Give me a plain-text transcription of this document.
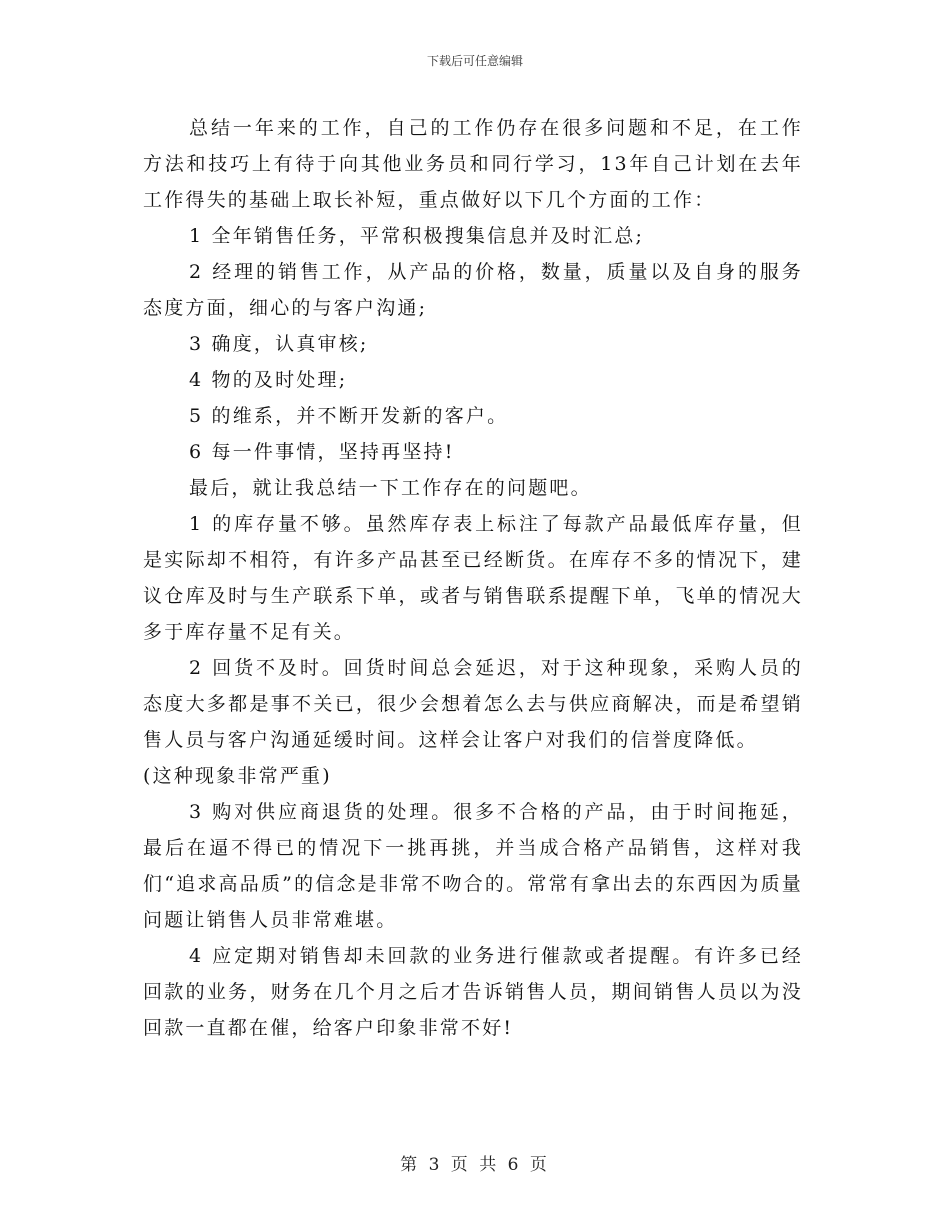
下载后可任意编辑

总结一年来的工作，自己的工作仍存在很多问题和不足，在工作方法和技巧上有待于向其他业务员和同行学习，13年自己计划在去年工作得失的基础上取长补短，重点做好以下几个方面的工作：

1 全年销售任务，平常积极搜集信息并及时汇总;

2 经理的销售工作，从产品的价格，数量，质量以及自身的服务态度方面，细心的与客户沟通;

3 确度，认真审核;

4 物的及时处理;

5 的维系，并不断开发新的客户。

6 每一件事情，坚持再坚持!

最后，就让我总结一下工作存在的问题吧。

1 的库存量不够。虽然库存表上标注了每款产品最低库存量，但是实际却不相符，有许多产品甚至已经断货。在库存不多的情况下，建议仓库及时与生产联系下单，或者与销售联系提醒下单，飞单的情况大多于库存量不足有关。

2 回货不及时。回货时间总会延迟，对于这种现象，采购人员的态度大多都是事不关已，很少会想着怎么去与供应商解决，而是希望销售人员与客户沟通延缓时间。这样会让客户对我们的信誉度降低。

(这种现象非常严重)

3 购对供应商退货的处理。很多不合格的产品，由于时间拖延，最后在逼不得已的情况下一挑再挑，并当成合格产品销售，这样对我们“追求高品质”的信念是非常不吻合的。常常有拿出去的东西因为质量问题让销售人员非常难堪。

4 应定期对销售却未回款的业务进行催款或者提醒。有许多已经回款的业务，财务在几个月之后才告诉销售人员，期间销售人员以为没回款一直都在催，给客户印象非常不好!

第 3 页 共 6 页
